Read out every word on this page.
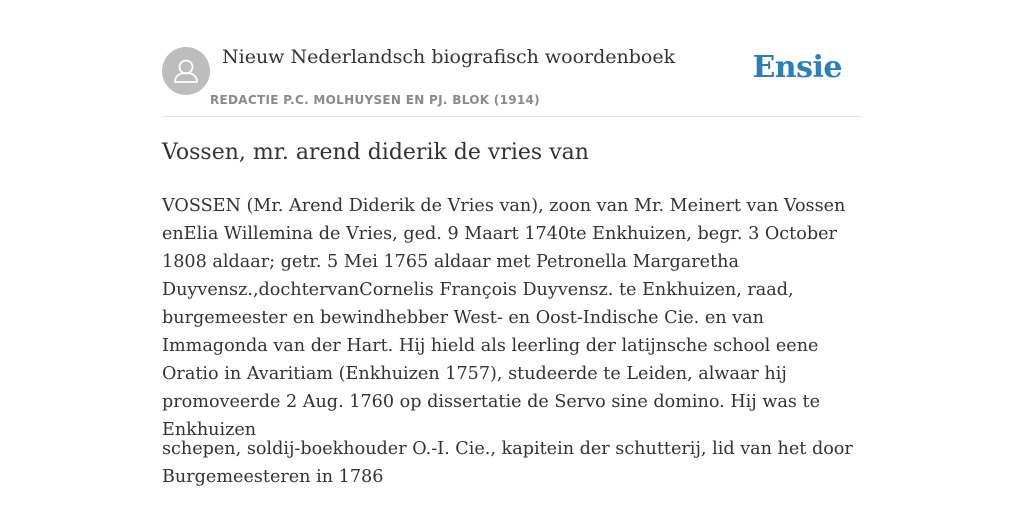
Nieuw Nederlandsch biografisch woordenboek
REDACTIE P.C. MOLHUYSEN EN PJ. BLOK (1914)
Ensie
Vossen, mr. arend diderik de vries van

VOSSEN (Mr. Arend Diderik de Vries van), zoon van Mr. Meinert van Vossen enElia Willemina de Vries, ged. 9 Maart 1740te Enkhuizen, begr. 3 October 1808 aldaar; getr. 5 Mei 1765 aldaar met Petronella Margaretha Duyvensz.,dochtervanCornelis François Duyvensz. te Enkhuizen, raad, burgemeester en bewindhebber West- en Oost-Indische Cie. en van Immagonda van der Hart. Hij hield als leerling der latijnsche school eene Oratio in Avaritiam (Enkhuizen 1757), studeerde te Leiden, alwaar hij promoveerde 2 Aug. 1760 op dissertatie de Servo sine domino. Hij was te Enkhuizen

schepen, soldij-boekhouder O.-I. Cie., kapitein der schutterij, lid van het door Burgemeesteren in 1786
